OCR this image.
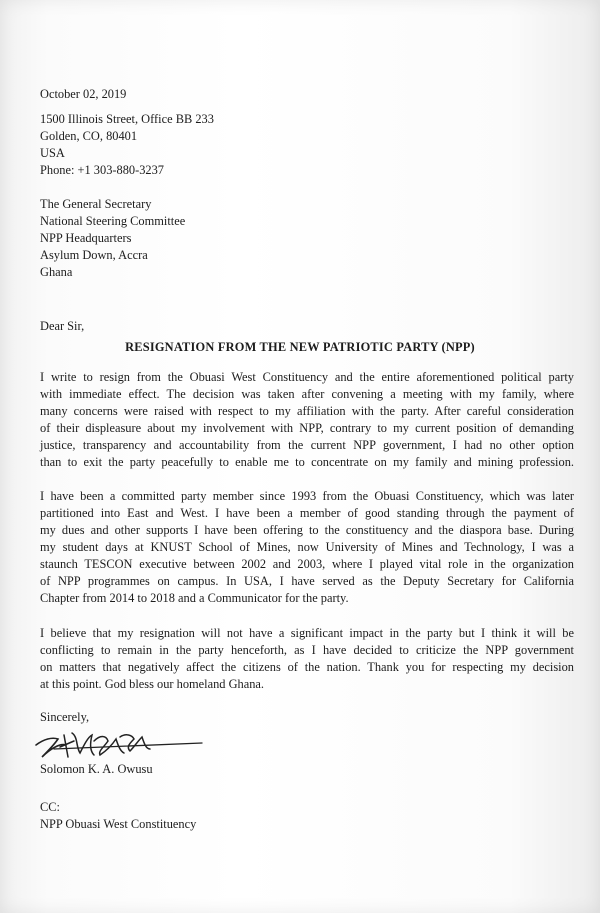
October 02, 2019
1500 Illinois Street, Office BB 233
Golden, CO, 80401
USA
Phone: +1 303-880-3237
The General Secretary
National Steering Committee
NPP Headquarters
Asylum Down, Accra
Ghana
Dear Sir,
RESIGNATION FROM THE NEW PATRIOTIC PARTY (NPP)
I write to resign from the Obuasi West Constituency and the entire aforementioned political party
with immediate effect. The decision was taken after convening a meeting with my family, where
many concerns were raised with respect to my affiliation with the party. After careful consideration
of their displeasure about my involvement with NPP, contrary to my current position of demanding
justice, transparency and accountability from the current NPP government, I had no other option
than to exit the party peacefully to enable me to concentrate on my family and mining profession.
I have been a committed party member since 1993 from the Obuasi Constituency, which was later
partitioned into East and West. I have been a member of good standing through the payment of
my dues and other supports I have been offering to the constituency and the diaspora base. During
my student days at KNUST School of Mines, now University of Mines and Technology, I was a
staunch TESCON executive between 2002 and 2003, where I played vital role in the organization
of NPP programmes on campus. In USA, I have served as the Deputy Secretary for California
Chapter from 2014 to 2018 and a Communicator for the party.
I believe that my resignation will not have a significant impact in the party but I think it will be
conflicting to remain in the party henceforth, as I have decided to criticize the NPP government
on matters that negatively affect the citizens of the nation. Thank you for respecting my decision
at this point. God bless our homeland Ghana.
Sincerely,
Solomon K. A. Owusu
CC:
NPP Obuasi West Constituency
